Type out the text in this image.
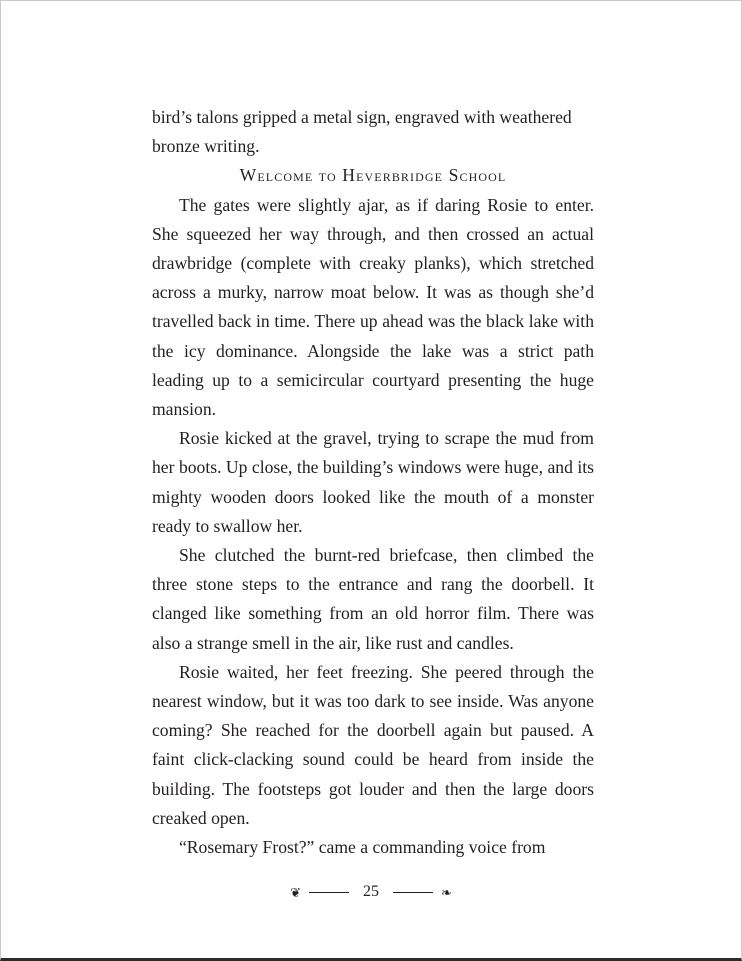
bird’s talons gripped a metal sign, engraved with weathered bronze writing.

Welcome to Heverbridge School

The gates were slightly ajar, as if daring Rosie to enter. She squeezed her way through, and then crossed an actual drawbridge (complete with creaky planks), which stretched across a murky, narrow moat below. It was as though she’d travelled back in time. There up ahead was the black lake with the icy dominance. Alongside the lake was a strict path leading up to a semicircular courtyard presenting the huge mansion.

Rosie kicked at the gravel, trying to scrape the mud from her boots. Up close, the building’s windows were huge, and its mighty wooden doors looked like the mouth of a monster ready to swallow her.

She clutched the burnt-red briefcase, then climbed the three stone steps to the entrance and rang the doorbell. It clanged like something from an old horror film. There was also a strange smell in the air, like rust and candles.

Rosie waited, her feet freezing. She peered through the nearest window, but it was too dark to see inside. Was anyone coming? She reached for the doorbell again but paused. A faint click-clacking sound could be heard from inside the building. The footsteps got louder and then the large doors creaked open.

“Rosemary Frost?” came a commanding voice from

❦	25	❧
